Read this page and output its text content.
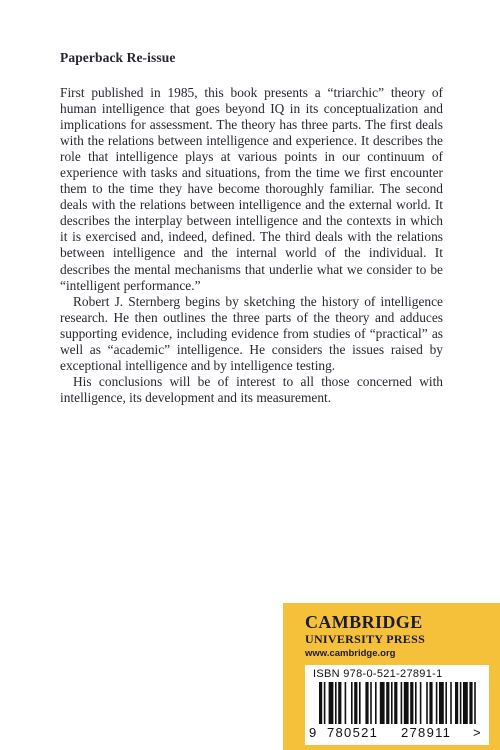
Paperback Re-issue

First published in 1985, this book presents a “triarchic” theory of human intelligence that goes beyond IQ in its conceptualization and implications for assessment. The theory has three parts. The first deals with the relations between intelligence and experience. It describes the role that intelligence plays at various points in our continuum of experience with tasks and situations, from the time we first encounter them to the time they have become thoroughly familiar. The second deals with the relations between intelligence and the external world. It describes the interplay between intelligence and the contexts in which it is exercised and, indeed, defined. The third deals with the relations between intelligence and the internal world of the individual. It describes the mental mechanisms that underlie what we consider to be “intelligent performance.”

Robert J. Sternberg begins by sketching the history of intelligence research. He then outlines the three parts of the theory and adduces supporting evidence, including evidence from studies of “practical” as well as “academic” intelligence. He considers the issues raised by exceptional intelligence and by intelligence testing.

His conclusions will be of interest to all those concerned with intelligence, its development and its measurement.

CAMBRIDGE
UNIVERSITY PRESS
www.cambridge.org
ISBN 978-0-521-27891-1
9 780521 278911 >
